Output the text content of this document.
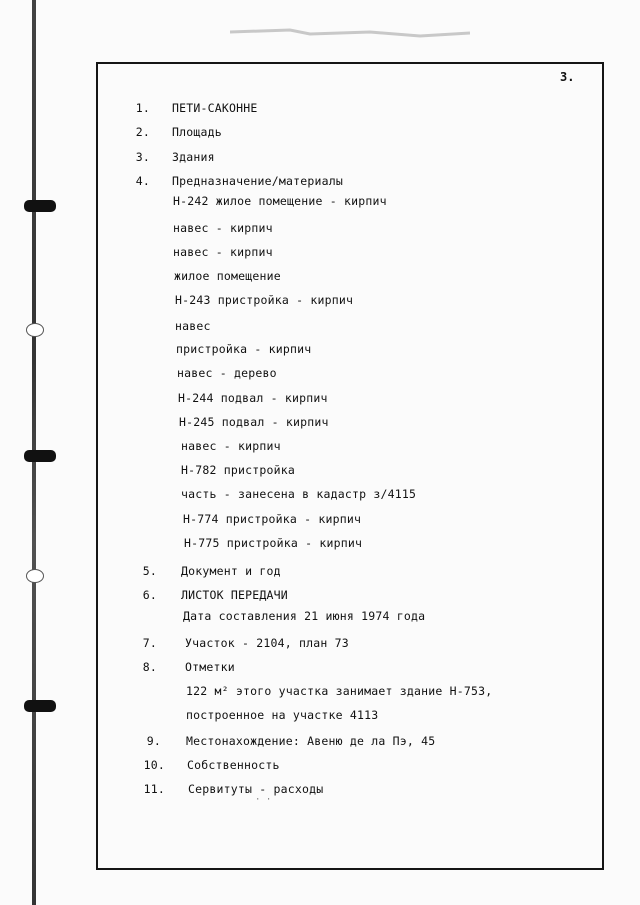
3.
1. ПЕТИ-САКОННЕ
2. Площадь
3. Здания
4. Предназначение/материалы
Н-242 жилое помещение - кирпич
навес - кирпич
навес - кирпич
жилое помещение
Н-243 пристройка - кирпич
навес
пристройка - кирпич
навес - дерево
Н-244 подвал - кирпич
Н-245 подвал - кирпич
навес - кирпич
Н-782 пристройка
часть - занесена в кадастр з/4115
Н-774 пристройка - кирпич
Н-775 пристройка - кирпич
5. Документ и год
6. ЛИСТОК ПЕРЕДАЧИ
Дата составления 21 июня 1974 года
7. Участок - 2104, план 73
8. Отметки
122 м² этого участка занимает здание Н-753,
построенное на участке 4113
9. Местонахождение: Авеню де ла Пэ, 45
10. Собственность
11. Сервитуты - расходы
· ·
